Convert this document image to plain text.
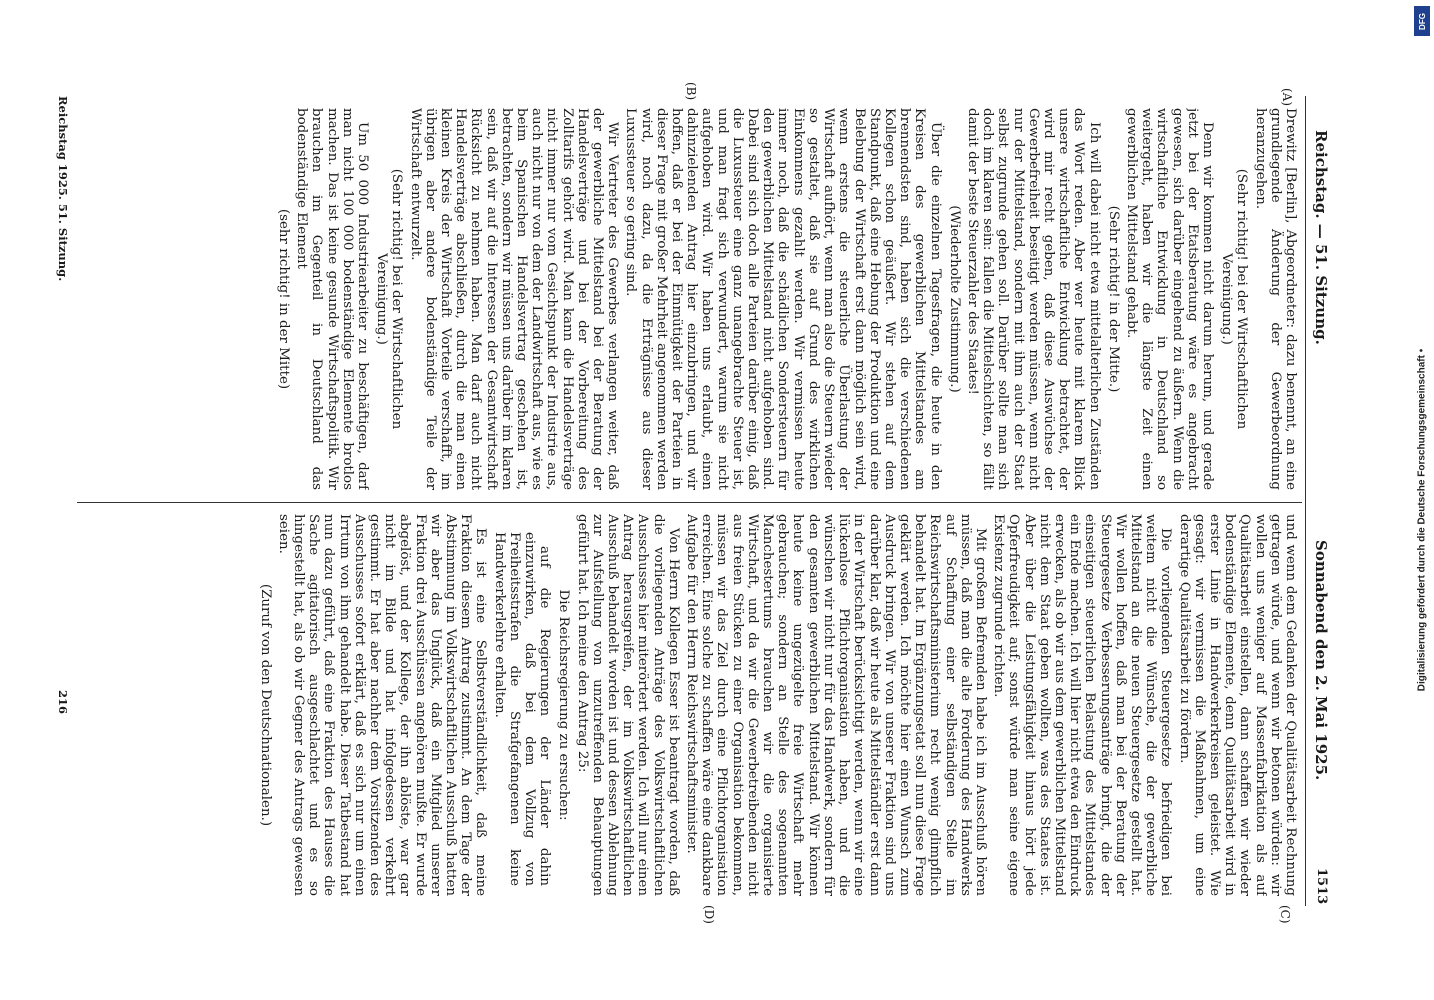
Reichstag. — 51. Sitzung.
Sonnabend den 2. Mai 1925.
1513
(A)
(B)
(C)
(D)

Drewitz [Berlin], Abgeordneter: dazu benennt, an eine grundlegende Änderung der Gewerbeordnung heranzugehen.

(Sehr richtig! bei der Wirtschaftlichen Vereinigung.)

Denn wir kommen nicht darum herum, und gerade jetzt bei der Etatsberatung wäre es angebracht gewesen, sich darüber eingehend zu äußern. Wenn die wirtschaftliche Entwicklung in Deutschland so weitergeht, haben wir die längste Zeit einen gewerblichen Mittelstand gehabt.

(Sehr richtig! in der Mitte.)

Ich will dabei nicht etwa mittelalterlichen Zuständen das Wort reden. Aber wer heute mit klarem Blick unsere wirtschaftliche Entwicklung betrachtet, der wird mir recht geben, daß diese Auswüchse der Gewerbefreiheit beseitigt werden müssen, wenn nicht nur der Mittelstand, sondern mit ihm auch der Staat selbst zugrunde gehen soll. Darüber sollte man sich doch im klaren sein: fallen die Mittelschichten, so fällt damit der beste Steuerzahler des Staates!

(Wiederholte Zustimmung.)

Über die einzelnen Tagesfragen, die heute in den Kreisen des gewerblichen Mittelstandes am brennendsten sind, haben sich die verschiedenen Kollegen schon geäußert. Wir stehen auf dem Standpunkt, daß eine Hebung der Produktion und eine Belebung der Wirtschaft erst dann möglich sein wird, wenn erstens die steuerliche Überlastung der Wirtschaft aufhört, wenn man also die Steuern wieder so gestaltet, daß sie auf Grund des wirklichen Einkommens gezahlt werden. Wir vermissen heute immer noch, daß die schädlichen Sondersteuern für den gewerblichen Mittelstand nicht aufgehoben sind. Dabei sind sich doch alle Parteien darüber einig, daß die Luxussteuer eine ganz unangebrachte Steuer ist, und man fragt sich verwundert, warum sie nicht aufgehoben wird. Wir haben uns erlaubt, einen dahinzielenden Antrag hier einzubringen, und wir hoffen, daß er bei der Einmütigkeit der Parteien in dieser Frage mit großer Mehrheit angenommen werden wird, noch dazu, da die Erträgnisse aus dieser Luxussteuer so gering sind.

Wir Vertreter des Gewerbes verlangen weiter, daß der gewerbliche Mittelstand bei der Beratung der Handelsverträge und bei der Vorbereitung des Zolltarifs gehört wird. Man kann die Handelsverträge nicht immer nur vom Gesichtspunkt der Industrie aus, auch nicht nur von dem der Landwirtschaft aus, wie es beim Spanischen Handelsvertrag geschehen ist, betrachten, sondern wir müssen uns darüber im klaren sein, daß wir auf die Interessen der Gesamtwirtschaft Rücksicht zu nehmen haben. Man darf auch nicht Handelsverträge abschließen, durch die man einen kleinen Kreis der Wirtschaft Vorteile verschafft, im übrigen aber andere bodenständige Teile der Wirtschaft entwurzelt.

(Sehr richtig! bei der Wirtschaftlichen Vereinigung.)

Um 50 000 Industriearbeiter zu beschäftigen, darf man nicht 100 000 bodenständige Elemente brotlos machen. Das ist keine gesunde Wirtschaftspolitik. Wir brauchen im Gegenteil in Deutschland das bodenständige Element

(sehr richtig! in der Mitte)

und wenn dem Gedanken der Qualitätsarbeit Rechnung getragen würde, und wenn wir betonen würden: wir wollen uns weniger auf Massenfabrikation als auf Qualitätsarbeit einstellen, dann schaffen wir wieder bodenständige Elemente, denn Qualitätsarbeit wird in erster Linie in Handwerkerkreisen geleistet. Wie gesagt: wir vermissen die Maßnahmen, um eine derartige Qualitätsarbeit zu fördern.

Die vorliegenden Steuergesetze befriedigen bei weitem nicht die Wünsche, die der gewerbliche Mittelstand an die neuen Steuergesetze gestellt hat. Wir wollen hoffen, daß man bei der Beratung der Steuergesetze Verbesserungsanträge bringt, die der einseitigen steuerlichen Belastung des Mittelstandes ein Ende machen. Ich will hier nicht etwa den Eindruck erwecken, als ob wir aus dem gewerblichen Mittelstand nicht dem Staat geben wollten, was des Staates ist. Aber über die Leistungsfähigkeit hinaus hört jede Opferfreudigkeit auf; sonst würde man seine eigene Existenz zugrunde richten.

Mit großem Befremden habe ich im Ausschuß hören müssen, daß man die alte Forderung des Handwerks auf Schaffung einer selbständigen Stelle im Reichswirtschaftsministerium recht wenig glimpflich behandelt hat. Im Ergänzungsetat soll nun diese Frage geklärt werden. Ich möchte hier einen Wunsch zum Ausdruck bringen. Wir von unserer Fraktion sind uns darüber klar, daß wir heute als Mittelständler erst dann in der Wirtschaft berücksichtigt werden, wenn wir eine lückenlose Pflichtorganisation haben, und die wünschen wir nicht nur für das Handwerk, sondern für den gesamten gewerblichen Mittelstand. Wir können heute keine ungezügelte freie Wirtschaft mehr gebrauchen; sondern an Stelle des sogenannten Manchestertums brauchen wir die organisierte Wirtschaft, und da wir die Gewerbetreibenden nicht aus freien Stücken zu einer Organisation bekommen, müssen wir das Ziel durch eine Pflichtorganisation erreichen. Eine solche zu schaffen wäre eine dankbare Aufgabe für den Herrn Reichswirtschaftsminister.

Von Herrn Kollegen Esser ist beantragt worden, daß die vorliegenden Anträge des Volkswirtschaftlichen Ausschusses hier miterörtert werden. Ich will nur einen Antrag herausgreifen, der im Volkswirtschaftlichen Ausschuß behandelt worden ist und dessen Ablehnung zur Aufstellung von unzutreffenden Behauptungen geführt hat. Ich meine den Antrag 25:

Die Reichsregierung zu ersuchen:

auf die Regierungen der Länder dahin einzuwirken, daß bei dem Vollzug von Freiheitsstrafen die Strafgefangenen keine Handwerkerlehre erhalten.

Es ist eine Selbstverständlichkeit, daß meine Fraktion diesem Antrag zustimmt. An dem Tage der Abstimmung im Volkswirtschaftlichen Ausschuß hatten wir aber das Unglück, daß ein Mitglied unserer Fraktion drei Ausschüssen angehören mußte. Er wurde abgelöst, und der Kollege, der ihn ablöste, war gar nicht im Bilde und hat infolgedessen verkehrt gestimmt. Er hat aber nachher dem Vorsitzenden des Ausschusses sofort erklärt, daß es sich nur um einen Irrtum von ihm gehandelt habe. Dieser Tatbestand hat nun dazu geführt, daß eine Fraktion des Hauses die Sache agitatorisch ausgeschlachtet und es so hingestellt hat, als ob wir Gegner des Antrags gewesen seien.

(Zuruf von den Deutschnationalen.)

Reichstag 1925. 51. Sitzung.
216
DFG
Digitalisierung gefördert durch die Deutsche Forschungsgemeinschaft •
